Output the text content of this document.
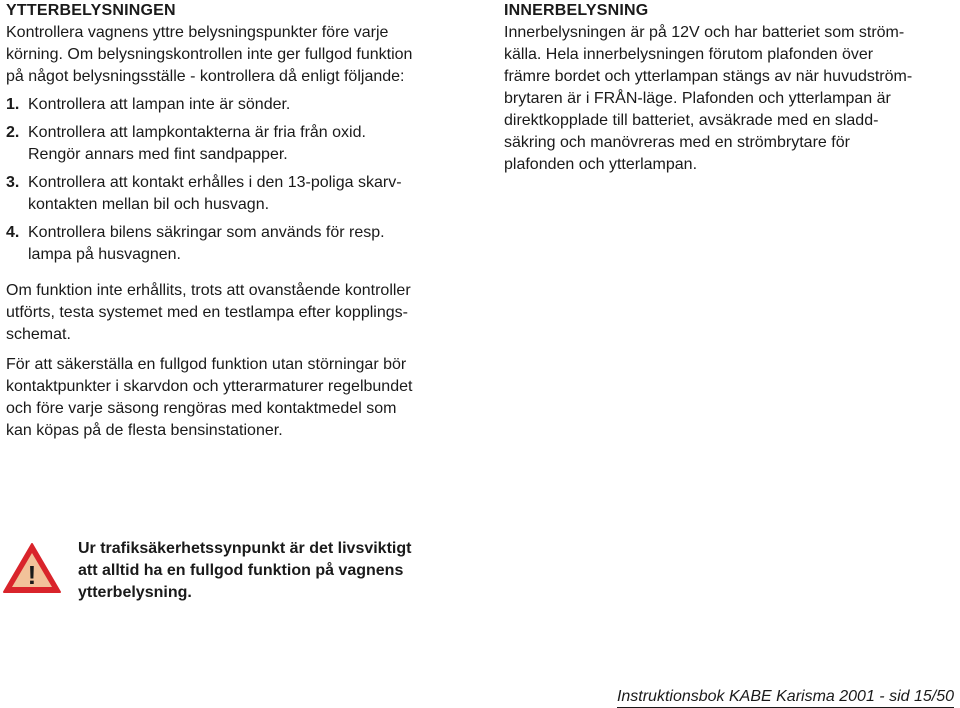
YTTERBELYSNINGEN

Kontrollera vagnens yttre belysningspunkter före varje
körning. Om belysningskontrollen inte ger fullgod funktion
på något belysningsställe - kontrollera då enligt följande:

1. Kontrollera att lampan inte är sönder.
2. Kontrollera att lampkontakterna är fria från oxid.
Rengör annars med fint sandpapper.
3. Kontrollera att kontakt erhålles i den 13-poliga skarv-
kontakten mellan bil och husvagn.
4. Kontrollera bilens säkringar som används för resp.
lampa på husvagnen.

Om funktion inte erhållits, trots att ovanstående kontroller
utförts, testa systemet med en testlampa efter kopplings-
schemat.

För att säkerställa en fullgod funktion utan störningar bör
kontaktpunkter i skarvdon och ytterarmaturer regelbundet
och före varje säsong rengöras med kontaktmedel som
kan köpas på de flesta bensinstationer.

INNERBELYSNING

Innerbelysningen är på 12V och har batteriet som ström-
källa. Hela innerbelysningen förutom plafonden över
främre bordet och ytterlampan stängs av när huvudström-
brytaren är i FRÅN-läge. Plafonden och ytterlampan är
direktkopplade till batteriet, avsäkrade med en sladd-
säkring och manövreras med en strömbrytare för
plafonden och ytterlampan.

!
Ur trafiksäkerhetssynpunkt är det livsviktigt
att alltid ha en fullgod funktion på vagnens
ytterbelysning.
Instruktionsbok KABE Karisma 2001 - sid 15/50
